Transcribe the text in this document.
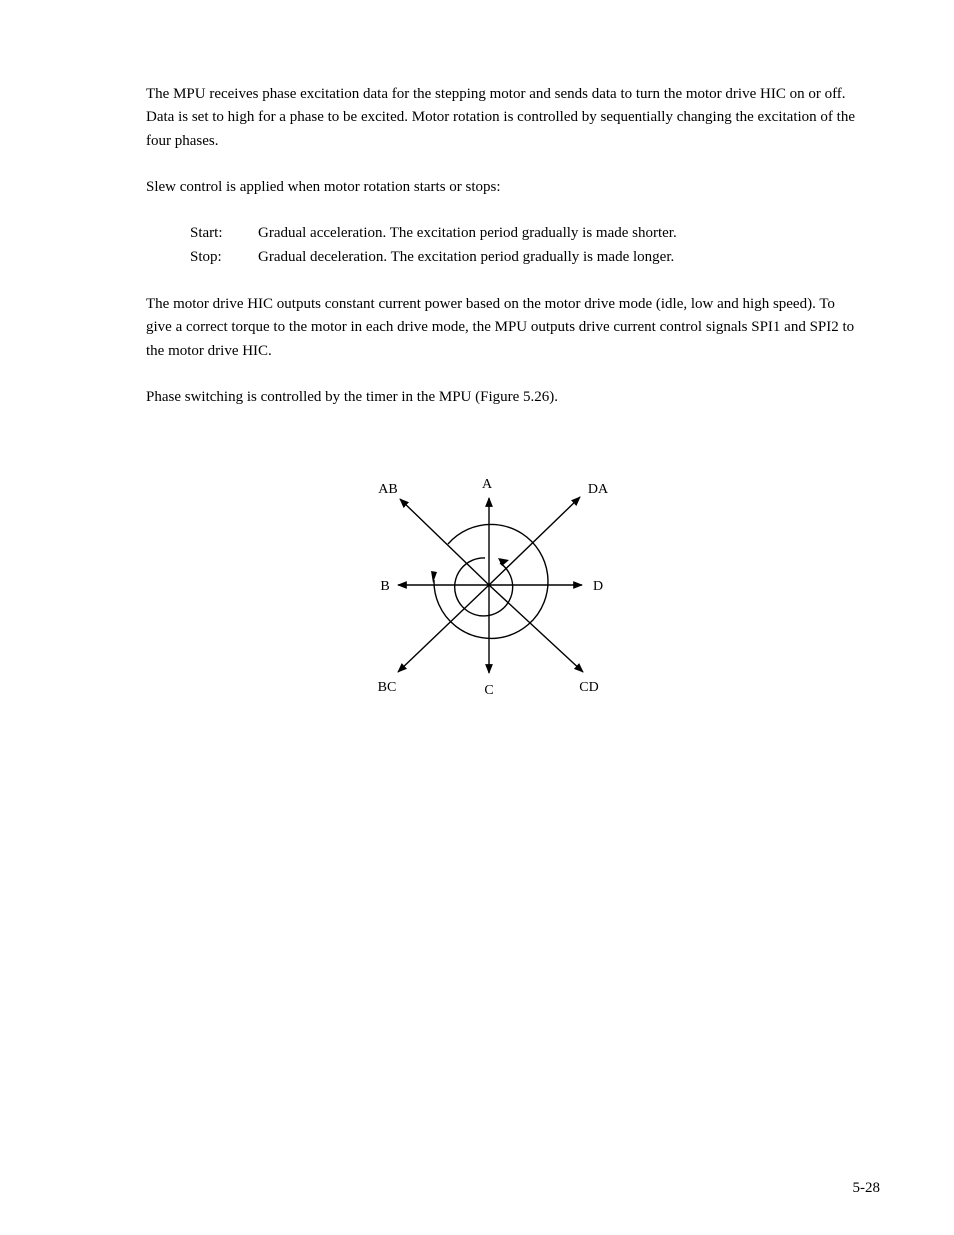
The MPU receives phase excitation data for the stepping motor and sends data to turn the motor drive HIC on or off. Data is set to high for a phase to be excited. Motor rotation is controlled by sequentially changing the excitation of the four phases.

Slew control is applied when motor rotation starts or stops:

Start: Gradual acceleration. The excitation period gradually is made shorter.
Stop: Gradual deceleration. The excitation period gradually is made longer.

The motor drive HIC outputs constant current power based on the motor drive mode (idle, low and high speed). To give a correct torque to the motor in each drive mode, the MPU outputs drive current control signals SPI1 and SPI2 to the motor drive HIC.

Phase switching is controlled by the timer in the MPU (Figure 5.26).

A
AB	DA
B	D
BC	C	CD
5-28
